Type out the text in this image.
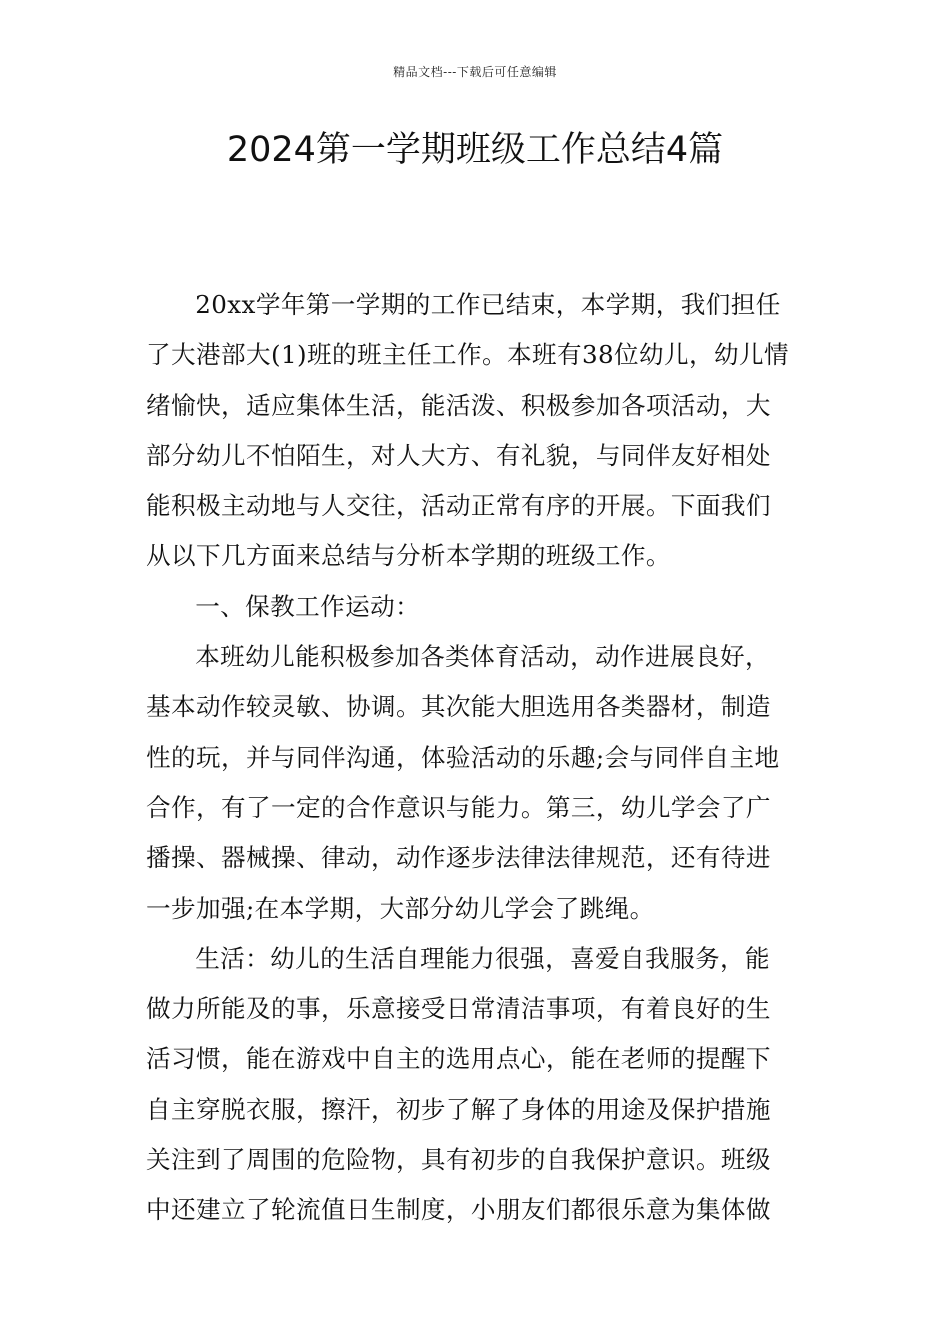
精品文档---下载后可任意编辑
2024第一学期班级工作总结4篇

20xx学年第一学期的工作已结束，本学期，我们担任
了大港部大(1)班的班主任工作。本班有38位幼儿，幼儿情
绪愉快，适应集体生活，能活泼、积极参加各项活动，大
部分幼儿不怕陌生，对人大方、有礼貌，与同伴友好相处
能积极主动地与人交往，活动正常有序的开展。下面我们
从以下几方面来总结与分析本学期的班级工作。

一、保教工作运动：

本班幼儿能积极参加各类体育活动，动作进展良好，
基本动作较灵敏、协调。其次能大胆选用各类器材，制造
性的玩，并与同伴沟通，体验活动的乐趣;会与同伴自主地
合作，有了一定的合作意识与能力。第三，幼儿学会了广
播操、器械操、律动，动作逐步法律法律规范，还有待进
一步加强;在本学期，大部分幼儿学会了跳绳。

生活：幼儿的生活自理能力很强，喜爱自我服务，能
做力所能及的事，乐意接受日常清洁事项，有着良好的生
活习惯，能在游戏中自主的选用点心，能在老师的提醒下
自主穿脱衣服，擦汗，初步了解了身体的用途及保护措施
关注到了周围的危险物，具有初步的自我保护意识。班级
中还建立了轮流值日生制度，小朋友们都很乐意为集体做
